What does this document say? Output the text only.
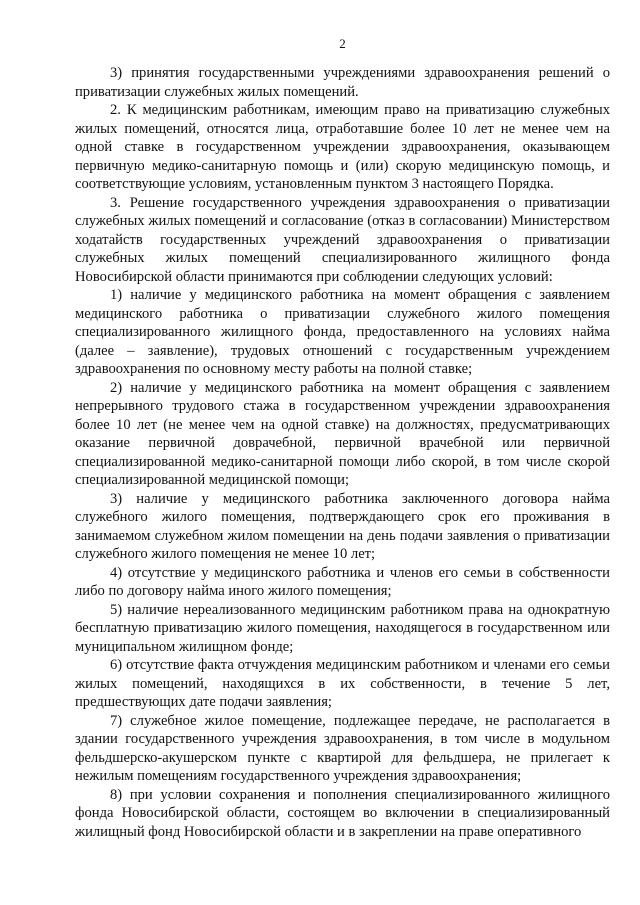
2

3) принятия государственными учреждениями здравоохранения решений о приватизации служебных жилых помещений.

2. К медицинским работникам, имеющим право на приватизацию служебных жилых помещений, относятся лица, отработавшие более 10 лет не менее чем на одной ставке в государственном учреждении здравоохранения, оказывающем первичную медико-санитарную помощь и (или) скорую медицинскую помощь, и соответствующие условиям, установленным пунктом 3 настоящего Порядка.

3. Решение государственного учреждения здравоохранения о приватизации служебных жилых помещений и согласование (отказ в согласовании) Министерством ходатайств государственных учреждений здравоохранения о приватизации служебных жилых помещений специализированного жилищного фонда Новосибирской области принимаются при соблюдении следующих условий:

1) наличие у медицинского работника на момент обращения с заявлением медицинского работника о приватизации служебного жилого помещения специализированного жилищного фонда, предоставленного на условиях найма (далее – заявление), трудовых отношений с государственным учреждением здравоохранения по основному месту работы на полной ставке;

2) наличие у медицинского работника на момент обращения с заявлением непрерывного трудового стажа в государственном учреждении здравоохранения более 10 лет (не менее чем на одной ставке) на должностях, предусматривающих оказание первичной доврачебной, первичной врачебной или первичной специализированной медико-санитарной помощи либо скорой, в том числе скорой специализированной медицинской помощи;

3) наличие у медицинского работника заключенного договора найма служебного жилого помещения, подтверждающего срок его проживания в занимаемом служебном жилом помещении на день подачи заявления о приватизации служебного жилого помещения не менее 10 лет;

4) отсутствие у медицинского работника и членов его семьи в собственности либо по договору найма иного жилого помещения;

5) наличие нереализованного медицинским работником права на однократную бесплатную приватизацию жилого помещения, находящегося в государственном или муниципальном жилищном фонде;

6) отсутствие факта отчуждения медицинским работником и членами его семьи жилых помещений, находящихся в их собственности, в течение 5 лет, предшествующих дате подачи заявления;

7) служебное жилое помещение, подлежащее передаче, не располагается в здании государственного учреждения здравоохранения, в том числе в модульном фельдшерско-акушерском пункте с квартирой для фельдшера, не прилегает к нежилым помещениям государственного учреждения здравоохранения;

8) при условии сохранения и пополнения специализированного жилищного фонда Новосибирской области, состоящем во включении в специализированный жилищный фонд Новосибирской области и в закреплении на праве оперативного
